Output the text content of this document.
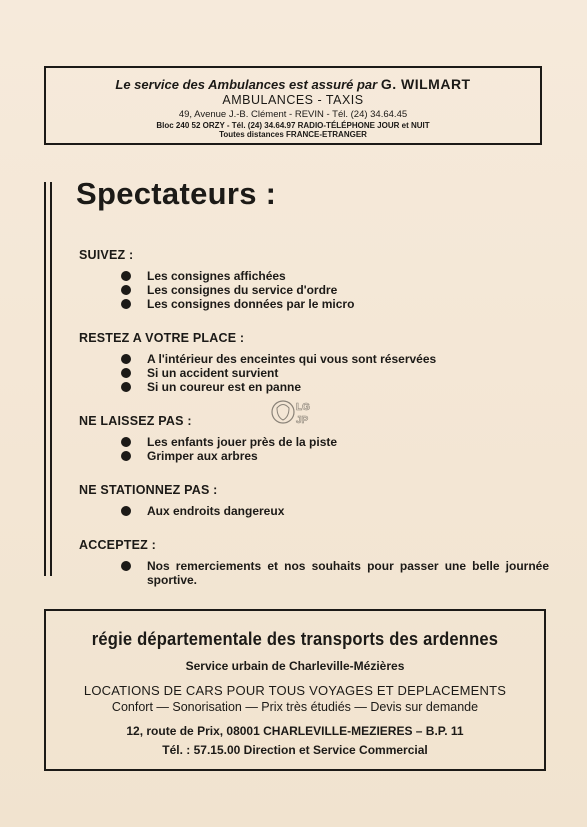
Le service des Ambulances est assuré par G. WILMART
AMBULANCES - TAXIS
49, Avenue J.-B. Clément - REVIN - Tél. (24) 34.64.45
Bloc 240 52 ORZY - Tél. (24) 34.64.97 RADIO-TÉLÉPHONE JOUR et NUIT
Toutes distances FRANCE-ETRANGER
Spectateurs :
SUIVEZ :
Les consignes affichées
Les consignes du service d'ordre
Les consignes données par le micro
RESTEZ A VOTRE PLACE :
A l'intérieur des enceintes qui vous sont réservées
Si un accident survient
Si un coureur est en panne
NE LAISSEZ PAS :
Les enfants jouer près de la piste
Grimper aux arbres
NE STATIONNEZ PAS :
Aux endroits dangereux
ACCEPTEZ :
Nos remerciements et nos souhaits pour passer une belle journée sportive.
LG
JP
régie départementale des transports des ardennes
Service urbain de Charleville-Mézières
LOCATIONS DE CARS POUR TOUS VOYAGES ET DEPLACEMENTS
Confort — Sonorisation — Prix très étudiés — Devis sur demande
12, route de Prix, 08001 CHARLEVILLE-MEZIERES – B.P. 11
Tél. : 57.15.00 Direction et Service Commercial
